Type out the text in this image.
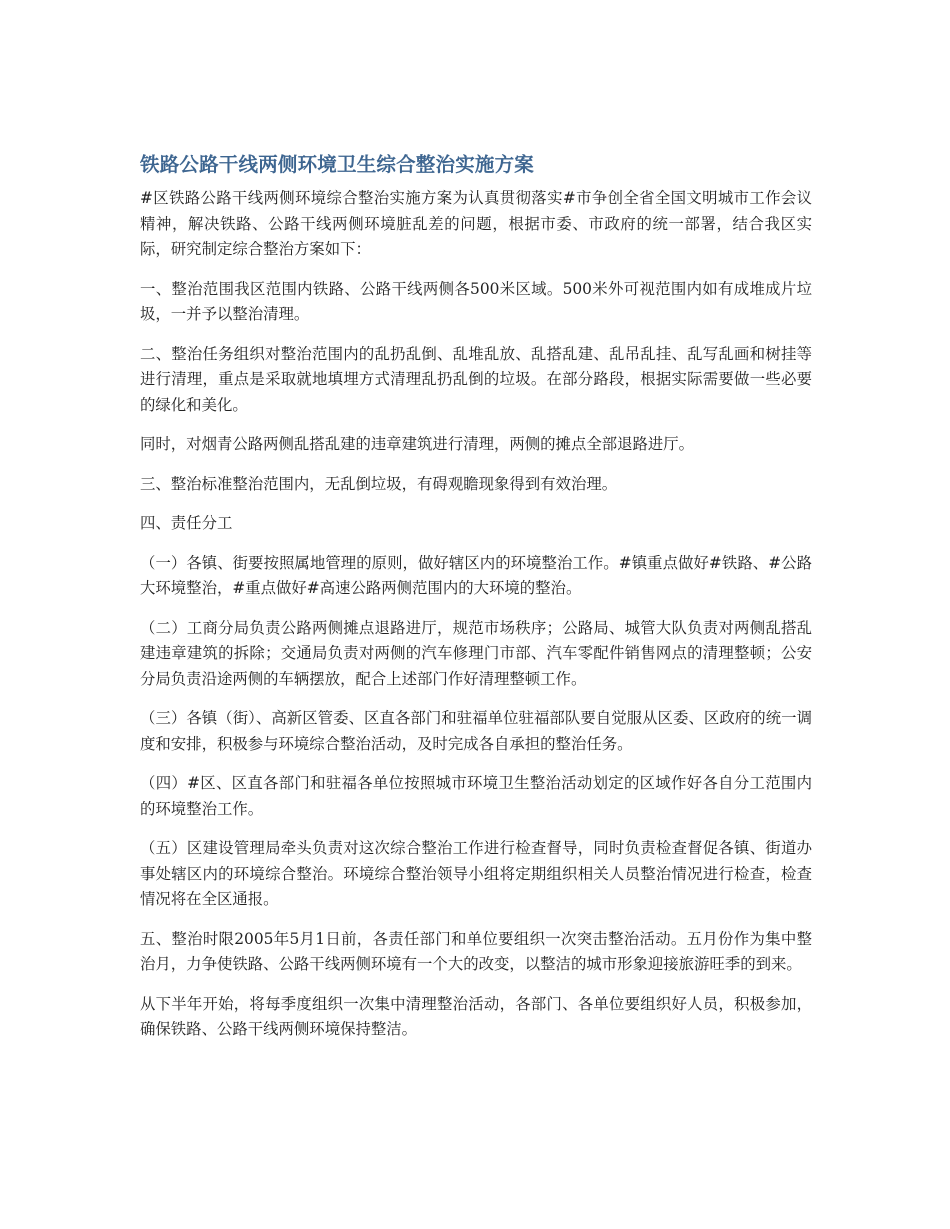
铁路公路干线两侧环境卫生综合整治实施方案

#区铁路公路干线两侧环境综合整治实施方案为认真贯彻落实#市争创全省全国文明城市工作会议精神，解决铁路、公路干线两侧环境脏乱差的问题，根据市委、市政府的统一部署，结合我区实际，研究制定综合整治方案如下：

一、整治范围我区范围内铁路、公路干线两侧各500米区域。500米外可视范围内如有成堆成片垃圾，一并予以整治清理。

二、整治任务组织对整治范围内的乱扔乱倒、乱堆乱放、乱搭乱建、乱吊乱挂、乱写乱画和树挂等进行清理，重点是采取就地填埋方式清理乱扔乱倒的垃圾。在部分路段，根据实际需要做一些必要的绿化和美化。

同时，对烟青公路两侧乱搭乱建的违章建筑进行清理，两侧的摊点全部退路进厅。

三、整治标准整治范围内，无乱倒垃圾，有碍观瞻现象得到有效治理。

四、责任分工

（一）各镇、街要按照属地管理的原则，做好辖区内的环境整治工作。#镇重点做好#铁路、#公路大环境整治，#重点做好#高速公路两侧范围内的大环境的整治。

（二）工商分局负责公路两侧摊点退路进厅，规范市场秩序；公路局、城管大队负责对两侧乱搭乱建违章建筑的拆除；交通局负责对两侧的汽车修理门市部、汽车零配件销售网点的清理整顿；公安分局负责沿途两侧的车辆摆放，配合上述部门作好清理整顿工作。

（三）各镇（街）、高新区管委、区直各部门和驻福单位驻福部队要自觉服从区委、区政府的统一调度和安排，积极参与环境综合整治活动，及时完成各自承担的整治任务。

（四）#区、区直各部门和驻福各单位按照城市环境卫生整治活动划定的区域作好各自分工范围内的环境整治工作。

（五）区建设管理局牵头负责对这次综合整治工作进行检查督导，同时负责检查督促各镇、街道办事处辖区内的环境综合整治。环境综合整治领导小组将定期组织相关人员整治情况进行检查，检查情况将在全区通报。

五、整治时限2005年5月1日前，各责任部门和单位要组织一次突击整治活动。五月份作为集中整治月，力争使铁路、公路干线两侧环境有一个大的改变，以整洁的城市形象迎接旅游旺季的到来。

从下半年开始，将每季度组织一次集中清理整治活动，各部门、各单位要组织好人员，积极参加，确保铁路、公路干线两侧环境保持整洁。
